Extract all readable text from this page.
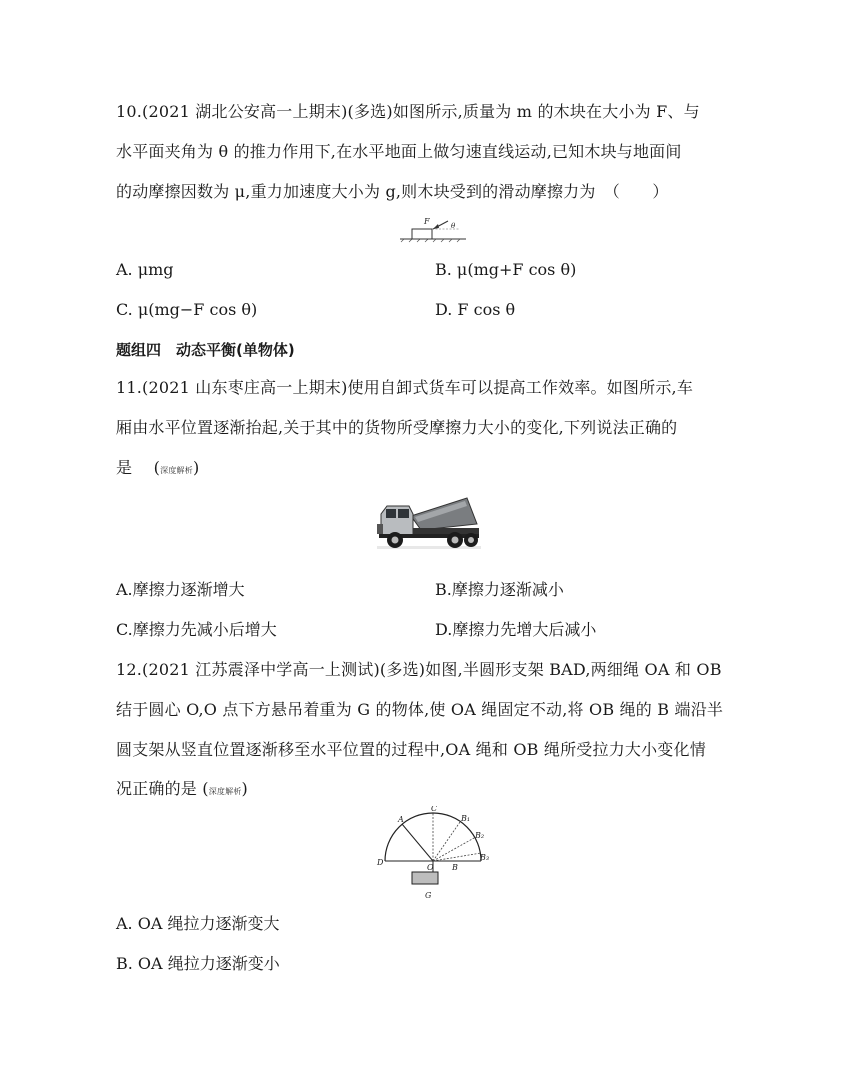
10.(2021 湖北公安高一上期末)(多选)如图所示,质量为 m 的木块在大小为 F、与
水平面夹角为 θ 的推力作用下,在水平地面上做匀速直线运动,已知木块与地面间
的动摩擦因数为 μ,重力加速度大小为 g,则木块受到的滑动摩擦力为　（　　）
F	θ
A. μmg	B. μ(mg+F cos θ)
C. μ(mg−F cos θ)	D. F cos θ
题组四　动态平衡(单物体)
11.(2021 山东枣庄高一上期末)使用自卸式货车可以提高工作效率。如图所示,车
厢由水平位置逐渐抬起,关于其中的货物所受摩擦力大小的变化,下列说法正确的
是　 (深度解析)
A.摩擦力逐渐增大	B.摩擦力逐渐减小
C.摩擦力先减小后增大	D.摩擦力先增大后减小
12.(2021 江苏震泽中学高一上测试)(多选)如图,半圆形支架 BAD,两细绳 OA 和 OB
结于圆心 O,O 点下方悬吊着重为 G 的物体,使 OA 绳固定不动,将 OB 绳的 B 端沿半
圆支架从竖直位置逐渐移至水平位置的过程中,OA 绳和 OB 绳所受拉力大小变化情
况正确的是 (深度解析)
A
C
B₁
B₂
B₃
D
O B
G
A. OA 绳拉力逐渐变大
B. OA 绳拉力逐渐变小
